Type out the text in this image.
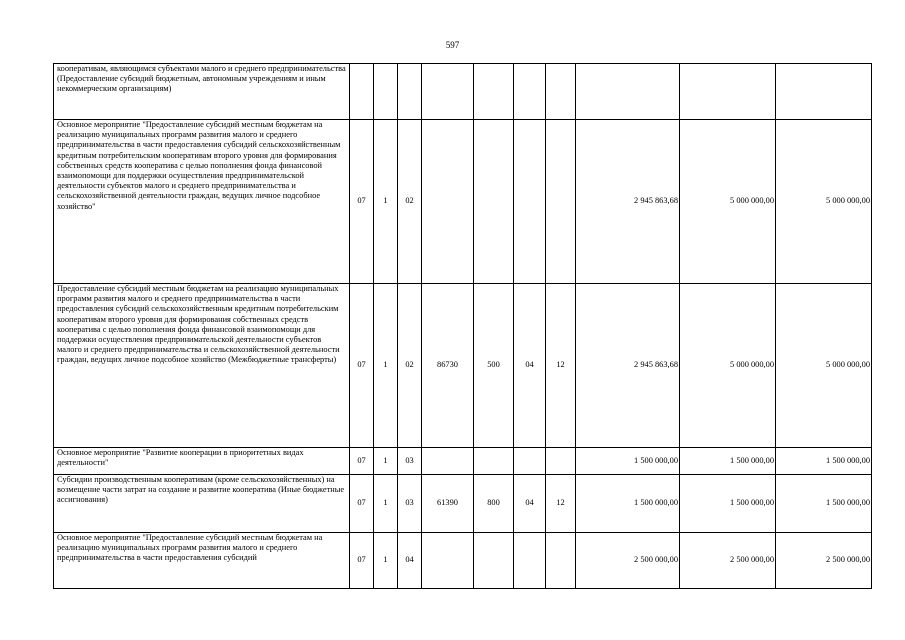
597
кооперативам, являющимся субъектами малого и среднего предпринимательства (Предоставление субсидий бюджетным, автономным учреждениям и иным некоммерческим организациям)										
Основное мероприятие "Предоставление субсидий местным бюджетам на реализацию муниципальных программ развития малого и среднего предпринимательства в части предоставления субсидий сельскохозяйственным кредитным потребительским кооперативам второго уровня для формирования собственных средств кооператива с целью пополнения фонда финансовой взаимопомощи для поддержки осуществления предпринимательской деятельности субъектов малого и среднего предпринимательства и сельскохозяйственной деятельности граждан, ведущих личное подсобное хозяйство"	07	1	02					2 945 863,68	5 000 000,00	5 000 000,00
Предоставление субсидий местным бюджетам на реализацию муниципальных программ развития малого и среднего предпринимательства в части предоставления субсидий сельскохозяйственным кредитным потребительским кооперативам второго уровня для формирования собственных средств кооператива с целью пополнения фонда финансовой взаимопомощи для поддержки осуществления предпринимательской деятельности субъектов малого и среднего предпринимательства и сельскохозяйственной деятельности граждан, ведущих личное подсобное хозяйство (Межбюджетные трансферты)	07	1	02	86730	500	04	12	2 945 863,68	5 000 000,00	5 000 000,00
Основное мероприятие "Развитие кооперации в приоритетных видах деятельности"	07	1	03					1 500 000,00	1 500 000,00	1 500 000,00
Субсидии производственным кооперативам (кроме сельскохозяйственных) на возмещение части затрат на создание и развитие кооператива (Иные бюджетные ассигнования)	07	1	03	61390	800	04	12	1 500 000,00	1 500 000,00	1 500 000,00
Основное мероприятие "Предоставление субсидий местным бюджетам на реализацию муниципальных программ развития малого и среднего предпринимательства в части предоставления субсидий	07	1	04					2 500 000,00	2 500 000,00	2 500 000,00
